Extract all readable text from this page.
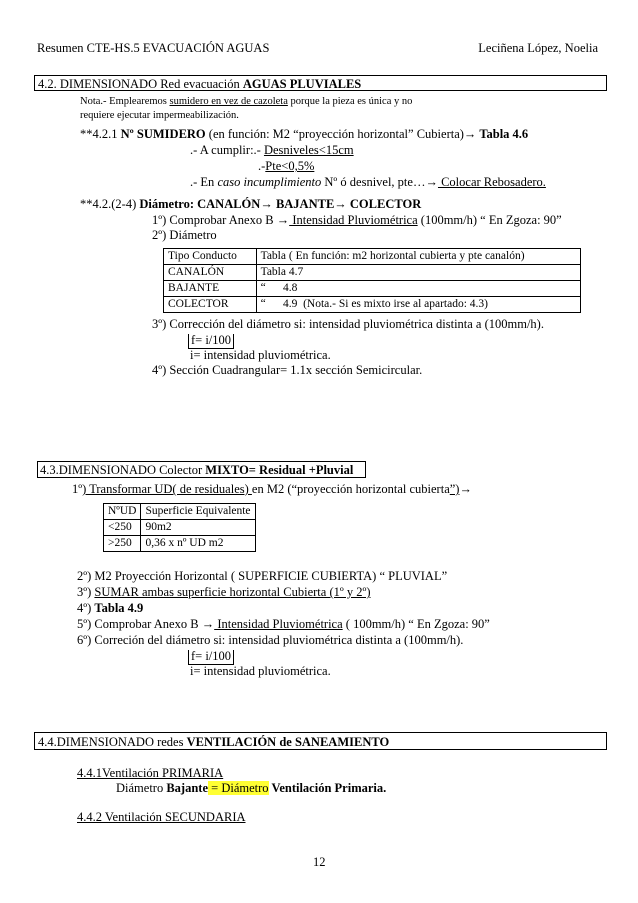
Resumen CTE-HS.5 EVACUACIÓN AGUAS	Leciñena López, Noelia
4.2. DIMENSIONADO Red evacuación AGUAS PLUVIALES
Nota.- Emplearemos sumidero en vez de cazoleta porque la pieza es única y no
requiere ejecutar impermeabilización.
**4.2.1 Nº SUMIDERO (en función: M2 “proyección horizontal” Cubierta)→ Tabla 4.6
.- A cumplir:.- Desniveles<15cm
.-Pte<0,5%
.- En caso incumplimiento Nº ó desnivel, pte…→ Colocar Rebosadero.
**4.2.(2-4) Diámetro: CANALÓN→ BAJANTE→ COLECTOR
1º) Comprobar Anexo B → Intensidad Pluviométrica (100mm/h) “ En Zgoza: 90”
2º) Diámetro
Tipo Conducto	Tabla ( En función: m2 horizontal cubierta y pte canalón)
CANALÓN	Tabla 4.7
BAJANTE	“      4.8
COLECTOR	“      4.9  (Nota.- Si es mixto irse al apartado: 4.3)
3º) Corrección del diámetro si: intensidad pluviométrica distinta a (100mm/h).
f= i/100
i= intensidad pluviométrica.
4º) Sección Cuadrangular= 1.1x sección Semicircular.
4.3.DIMENSIONADO Colector MIXTO= Residual +Pluvial
1º) Transformar UD( de residuales) en M2 (“proyección horizontal cubierta”)→
NºUD	Superficie Equivalente
<250	90m2
>250	0,36 x nº UD m2
2º) M2 Proyección Horizontal ( SUPERFICIE CUBIERTA) “ PLUVIAL”
3º) SUMAR ambas superficie horizontal Cubierta (1º y 2º)
4º) Tabla 4.9
5º) Comprobar Anexo B → Intensidad Pluviométrica ( 100mm/h) “ En Zgoza: 90”
6º) Correción del diámetro si: intensidad pluviométrica distinta a (100mm/h).
f= i/100
i= intensidad pluviométrica.
4.4.DIMENSIONADO redes VENTILACIÓN de SANEAMIENTO
4.4.1Ventilación PRIMARIA
Diámetro Bajante = Diámetro Ventilación Primaria.
4.4.2 Ventilación SECUNDARIA
12
